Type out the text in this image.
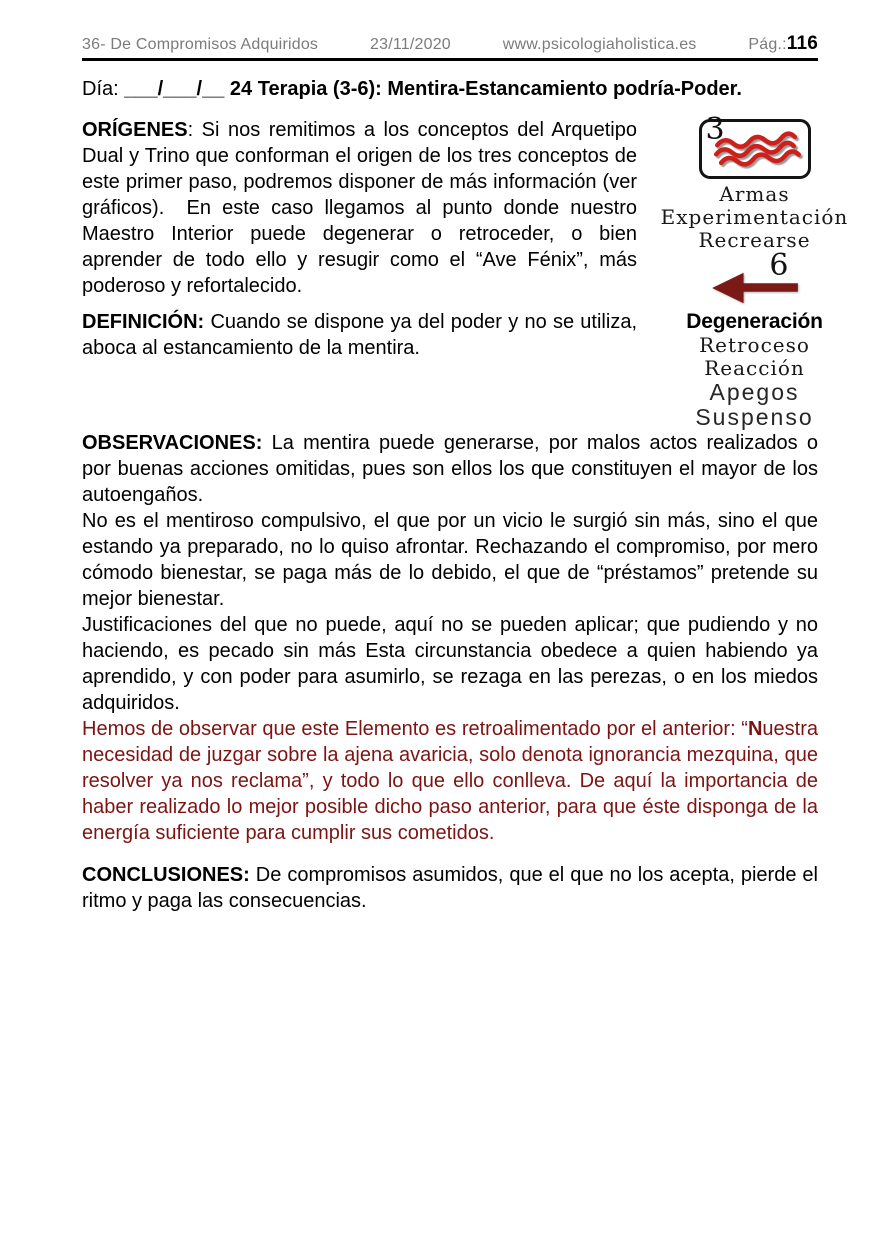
36- De Compromisos Adquiridos	23/11/2020	www.psicologiaholistica.es	Pág.:116
Día: ___/___/__ 24 Terapia (3-6): Mentira-Estancamiento podría-Poder.
3
Armas
Experimentación
Recrearse
6
Degeneración
Retroceso
Reacción
Apegos
Suspenso
ORÍGENES: Si nos remitimos a los conceptos del Arquetipo Dual y Trino que conforman el origen de los tres conceptos de este primer paso, podremos disponer de más información (ver gráficos).  En este caso llegamos al punto donde nuestro Maestro Interior puede degenerar o retroceder, o bien aprender de todo ello y resugir como el “Ave Fénix”, más poderoso y refortalecido.
DEFINICIÓN: Cuando se dispone ya del poder y no se utiliza, aboca al estancamiento de la mentira.
OBSERVACIONES: La mentira puede generarse, por malos actos realizados o por buenas acciones omitidas, pues son ellos los que constituyen el mayor de los autoengaños.
No es el mentiroso compulsivo, el que por un vicio le surgió sin más, sino el que estando ya preparado, no lo quiso afrontar. Rechazando el compromiso, por mero cómodo bienestar, se paga más de lo debido, el que de “préstamos” pretende su mejor bienestar.
Justificaciones del que no puede, aquí no se pueden aplicar; que pudiendo y no haciendo, es pecado sin más Esta circunstancia obedece a quien habiendo ya aprendido, y con poder para asumirlo, se rezaga en las perezas, o en los miedos adquiridos.
Hemos de observar que este Elemento es retroalimentado por el anterior: “Nuestra necesidad de juzgar sobre la ajena avaricia, solo denota ignorancia mezquina, que resolver ya nos reclama”, y todo lo que ello conlleva. De aquí la importancia de haber realizado lo mejor posible dicho paso anterior, para que éste disponga de la energía suficiente para cumplir sus cometidos.
CONCLUSIONES: De compromisos asumidos, que el que no los acepta, pierde el ritmo y paga las consecuencias.
